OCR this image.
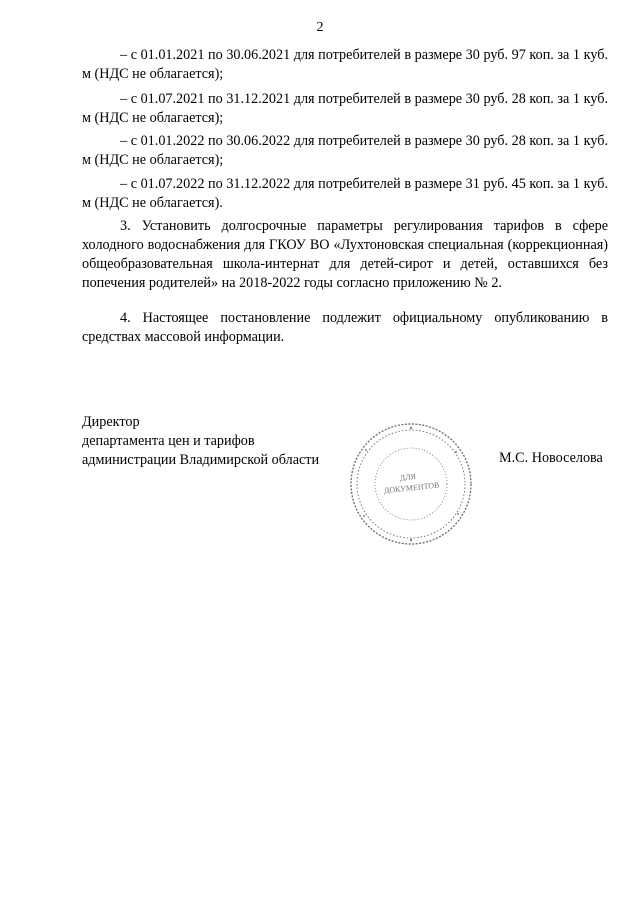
2

– с 01.01.2021 по 30.06.2021 для потребителей в размере 30 руб. 97 коп. за 1 куб. м (НДС не облагается);

– с 01.07.2021 по 31.12.2021 для потребителей в размере 30 руб. 28 коп. за 1 куб. м (НДС не облагается);

– с 01.01.2022 по 30.06.2022 для потребителей в размере 30 руб. 28 коп. за 1 куб. м (НДС не облагается);

– с 01.07.2022 по 31.12.2022 для потребителей в размере 31 руб. 45 коп. за 1 куб. м (НДС не облагается).

3. Установить долгосрочные параметры регулирования тарифов в сфере холодного водоснабжения для ГКОУ ВО «Лухтоновская специальная (коррекционная) общеобразовательная школа-интернат для детей-сирот и детей, оставшихся без попечения родителей» на 2018-2022 годы согласно приложению № 2.

4. Настоящее постановление подлежит официальному опубликованию в средствах массовой информации.

Директор
департамента цен и тарифов
администрации Владимирской области
ДЛЯ
ДОКУМЕНТОВ
М.С. Новоселова
